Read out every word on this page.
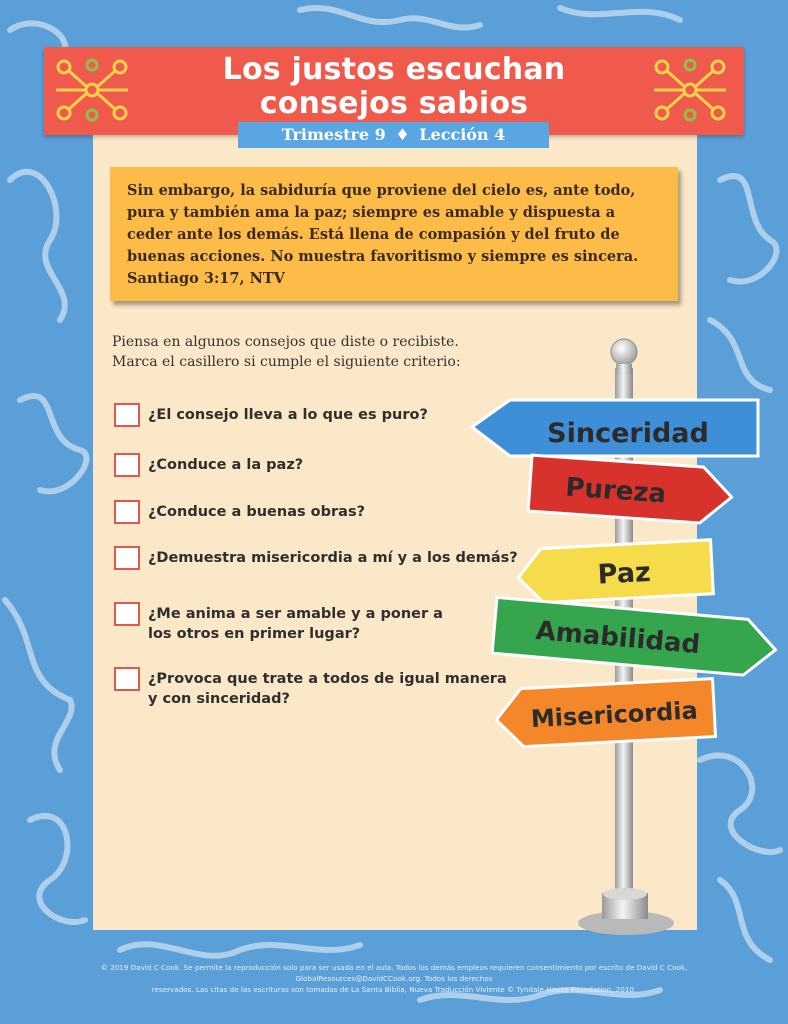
Los justos escuchan
consejos sabios
Trimestre 9 ♦ Lección 4
Sin embargo, la sabiduría que proviene del cielo es, ante todo,
pura y también ama la paz; siempre es amable y dispuesta a
ceder ante los demás. Está llena de compasión y del fruto de
buenas acciones. No muestra favoritismo y siempre es sincera.
Santiago 3:17, NTV
Piensa en algunos consejos que diste o recibiste.
Marca el casillero si cumple el siguiente criterio:
¿El consejo lleva a lo que es puro?
¿Conduce a la paz?
¿Conduce a buenas obras?
¿Demuestra misericordia a mí y a los demás?
¿Me anima a ser amable y a poner a
los otros en primer lugar?
¿Provoca que trate a todos de igual manera
y con sinceridad?
Sinceridad
Pureza
Paz
Amabilidad
Misericordia
© 2019 David C Cook. Se permite la reproducción solo para ser usada en el aula. Todos los demás empleos requieren consentimiento por escrito de David C Cook, GlobalResources@DavidCCook.org. Todos los derechos
reservados. Las citas de las escrituras son tomadas de La Santa Biblia, Nueva Traducción Viviente © Tyndale House Foundation, 2010.
